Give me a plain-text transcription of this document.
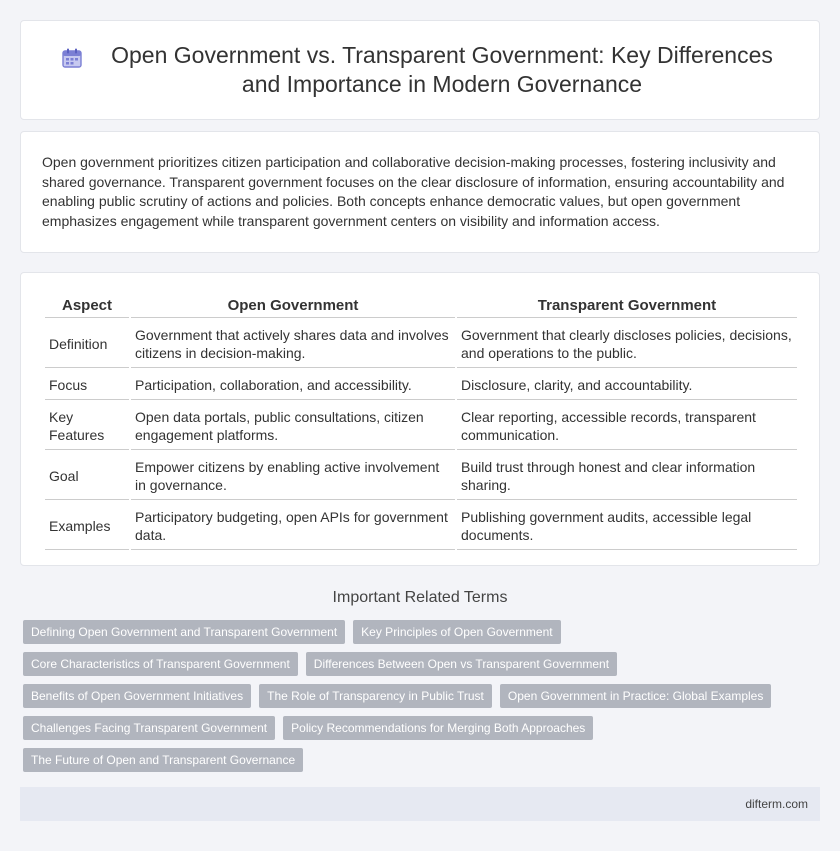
Open Government vs. Transparent Government: Key Differences and Importance in Modern Governance

Open government prioritizes citizen participation and collaborative decision-making processes, fostering inclusivity and shared governance. Transparent government focuses on the clear disclosure of information, ensuring accountability and enabling public scrutiny of actions and policies. Both concepts enhance democratic values, but open government emphasizes engagement while transparent government centers on visibility and information access.

Aspect	Open Government	Transparent Government
Definition	Government that actively shares data and involves citizens in decision-making.	Government that clearly discloses policies, decisions, and operations to the public.
Focus	Participation, collaboration, and accessibility.	Disclosure, clarity, and accountability.
Key Features	Open data portals, public consultations, citizen engagement platforms.	Clear reporting, accessible records, transparent communication.
Goal	Empower citizens by enabling active involvement in governance.	Build trust through honest and clear information sharing.
Examples	Participatory budgeting, open APIs for government data.	Publishing government audits, accessible legal documents.
Important Related Terms
Defining Open Government and Transparent Government	Key Principles of Open Government
Core Characteristics of Transparent Government	Differences Between Open vs Transparent Government
Benefits of Open Government Initiatives	The Role of Transparency in Public Trust	Open Government in Practice: Global Examples
Challenges Facing Transparent Government	Policy Recommendations for Merging Both Approaches
The Future of Open and Transparent Governance
difterm.com
